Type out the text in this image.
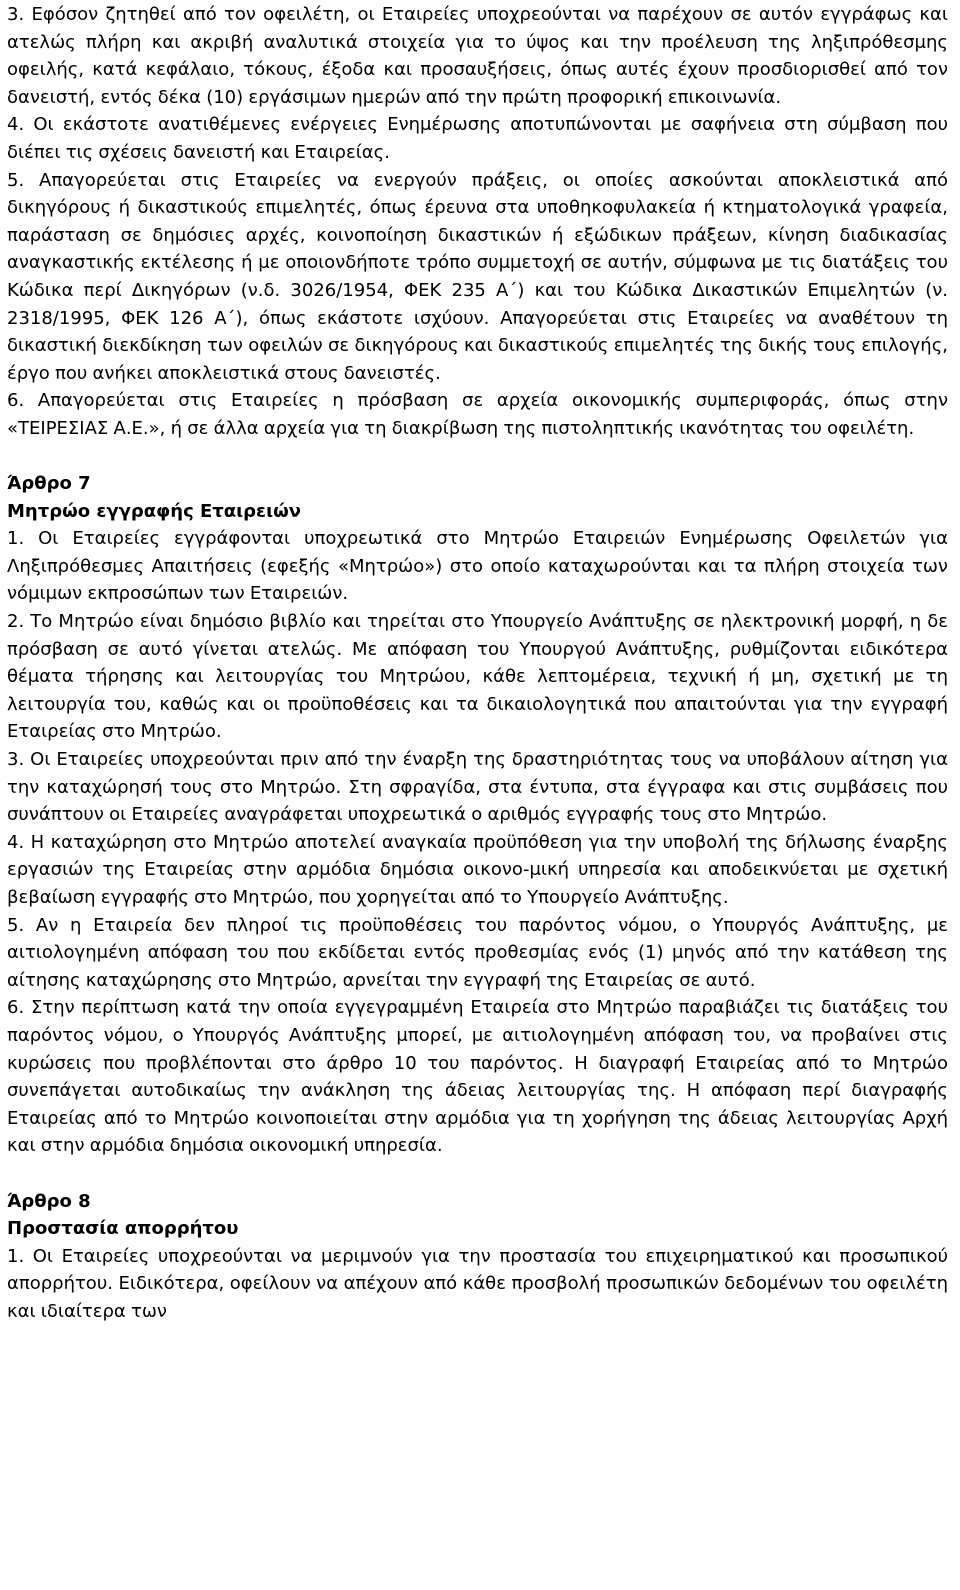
3. Εφόσον ζητηθεί από τον οφειλέτη, οι Εταιρείες υποχρεούνται να παρέχουν σε αυτόν εγγράφως και ατελώς πλήρη και ακριβή αναλυτικά στοιχεία για το ύψος και την προέλευση της ληξιπρόθεσμης οφειλής, κατά κεφάλαιο, τόκους, έξοδα και προσαυξήσεις, όπως αυτές έχουν προσδιορισθεί από τον δανειστή, εντός δέκα (10) εργάσιμων ημερών από την πρώτη προφορική επικοινωνία.

4. Οι εκάστοτε ανατιθέμενες ενέργειες Ενημέρωσης αποτυπώνονται με σαφήνεια στη σύμβαση που διέπει τις σχέσεις δανειστή και Εταιρείας.

5. Απαγορεύεται στις Εταιρείες να ενεργούν πράξεις, οι οποίες ασκούνται αποκλειστικά από δικηγόρους ή δικαστικούς επιμελητές, όπως έρευνα στα υποθηκοφυλακεία ή κτηματολογικά γραφεία, παράσταση σε δημόσιες αρχές, κοινοποίηση δικαστικών ή εξώδικων πράξεων, κίνηση διαδικασίας αναγκαστικής εκτέλεσης ή με οποιονδήποτε τρόπο συμμετοχή σε αυτήν, σύμφωνα με τις διατάξεις του Κώδικα περί Δικηγόρων (ν.δ. 3026/1954, ΦΕΚ 235 Α΄) και του Κώδικα Δικαστικών Επιμελητών (ν. 2318/1995, ΦΕΚ 126 Α΄), όπως εκάστοτε ισχύουν. Απαγορεύεται στις Εταιρείες να αναθέτουν τη δικαστική διεκδίκηση των οφειλών σε δικηγόρους και δικαστικούς επιμελητές της δικής τους επιλογής, έργο που ανήκει αποκλειστικά στους δανειστές.

6. Απαγορεύεται στις Εταιρείες η πρόσβαση σε αρχεία οικονομικής συμπεριφοράς, όπως στην «ΤΕΙΡΕΣΙΑΣ Α.Ε.», ή σε άλλα αρχεία για τη διακρίβωση της πιστοληπτικής ικανότητας του οφειλέτη.

Άρθρο 7

Μητρώο εγγραφής Εταιρειών

1. Οι Εταιρείες εγγράφονται υποχρεωτικά στο Μητρώο Εταιρειών Ενημέρωσης Οφειλετών για Ληξιπρόθεσμες Απαιτήσεις (εφεξής «Μητρώο») στο οποίο καταχωρούνται και τα πλήρη στοιχεία των νόμιμων εκπροσώπων των Εταιρειών.

2. Το Μητρώο είναι δημόσιο βιβλίο και τηρείται στο Υπουργείο Ανάπτυξης σε ηλεκτρονική μορφή, η δε πρόσβαση σε αυτό γίνεται ατελώς. Με απόφαση του Υπουργού Ανάπτυξης, ρυθμίζονται ειδικότερα θέματα τήρησης και λειτουργίας του Μητρώου, κάθε λεπτομέρεια, τεχνική ή μη, σχετική με τη λειτουργία του, καθώς και οι προϋποθέσεις και τα δικαιολογητικά που απαιτούνται για την εγγραφή Εταιρείας στο Μητρώο.

3. Οι Εταιρείες υποχρεούνται πριν από την έναρξη της δραστηριότητας τους να υποβάλουν αίτηση για την καταχώρησή τους στο Μητρώο. Στη σφραγίδα, στα έντυπα, στα έγγραφα και στις συμβάσεις που συνάπτουν οι Εταιρείες αναγράφεται υποχρεωτικά ο αριθμός εγγραφής τους στο Μητρώο.

4. Η καταχώρηση στο Μητρώο αποτελεί αναγκαία προϋπόθεση για την υποβολή της δήλωσης έναρξης εργασιών της Εταιρείας στην αρμόδια δημόσια οικονο-μική υπηρεσία και αποδεικνύεται με σχετική βεβαίωση εγγραφής στο Μητρώο, που χορηγείται από το Υπουργείο Ανάπτυξης.

5. Αν η Εταιρεία δεν πληροί τις προϋποθέσεις του παρόντος νόμου, ο Υπουργός Ανάπτυξης, με αιτιολογημένη απόφαση του που εκδίδεται εντός προθεσμίας ενός (1) μηνός από την κατάθεση της αίτησης καταχώρησης στο Μητρώο, αρνείται την εγγραφή της Εταιρείας σε αυτό.

6. Στην περίπτωση κατά την οποία εγγεγραμμένη Εταιρεία στο Μητρώο παραβιάζει τις διατάξεις του παρόντος νόμου, ο Υπουργός Ανάπτυξης μπορεί, με αιτιολογημένη απόφαση του, να προβαίνει στις κυρώσεις που προβλέπονται στο άρθρο 10 του παρόντος. Η διαγραφή Εταιρείας από το Μητρώο συνεπάγεται αυτοδικαίως την ανάκληση της άδειας λειτουργίας της. Η απόφαση περί διαγραφής Εταιρείας από το Μητρώο κοινοποιείται στην αρμόδια για τη χορήγηση της άδειας λειτουργίας Αρχή και στην αρμόδια δημόσια οικονομική υπηρεσία.

Άρθρο 8

Προστασία απορρήτου

1. Οι Εταιρείες υποχρεούνται να μεριμνούν για την προστασία του επιχειρηματικού και προσωπικού απορρήτου. Ειδικότερα, οφείλουν να απέχουν από κάθε προσβολή προσωπικών δεδομένων του οφειλέτη και ιδιαίτερα των
